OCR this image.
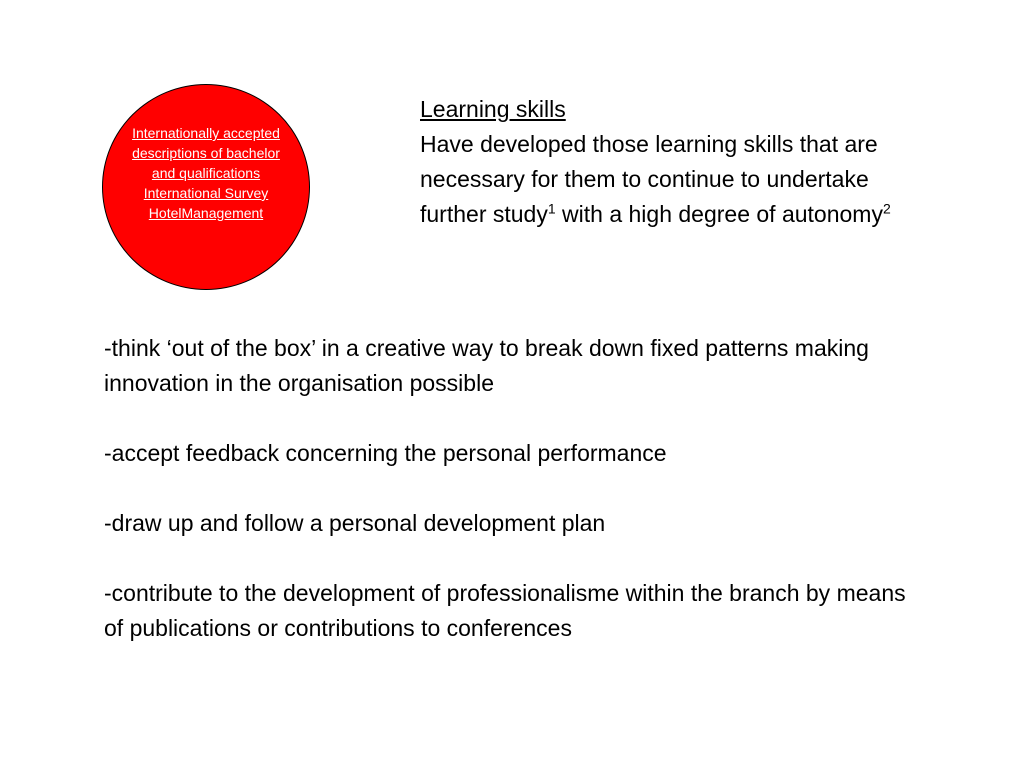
Internationally accepted
descriptions of bachelor
and qualifications
International Survey
HotelManagement
Learning skills
Have developed those learning skills that are necessary for them to continue to undertake further study$^1$ with a high degree of autonomy$^2$

-think ‘out of the box’ in a creative way to break down fixed patterns making innovation in the organisation possible

-accept feedback concerning the personal performance

-draw up and follow a personal development plan

-contribute to the development of professionalisme within the branch by means of publications or contributions to conferences
